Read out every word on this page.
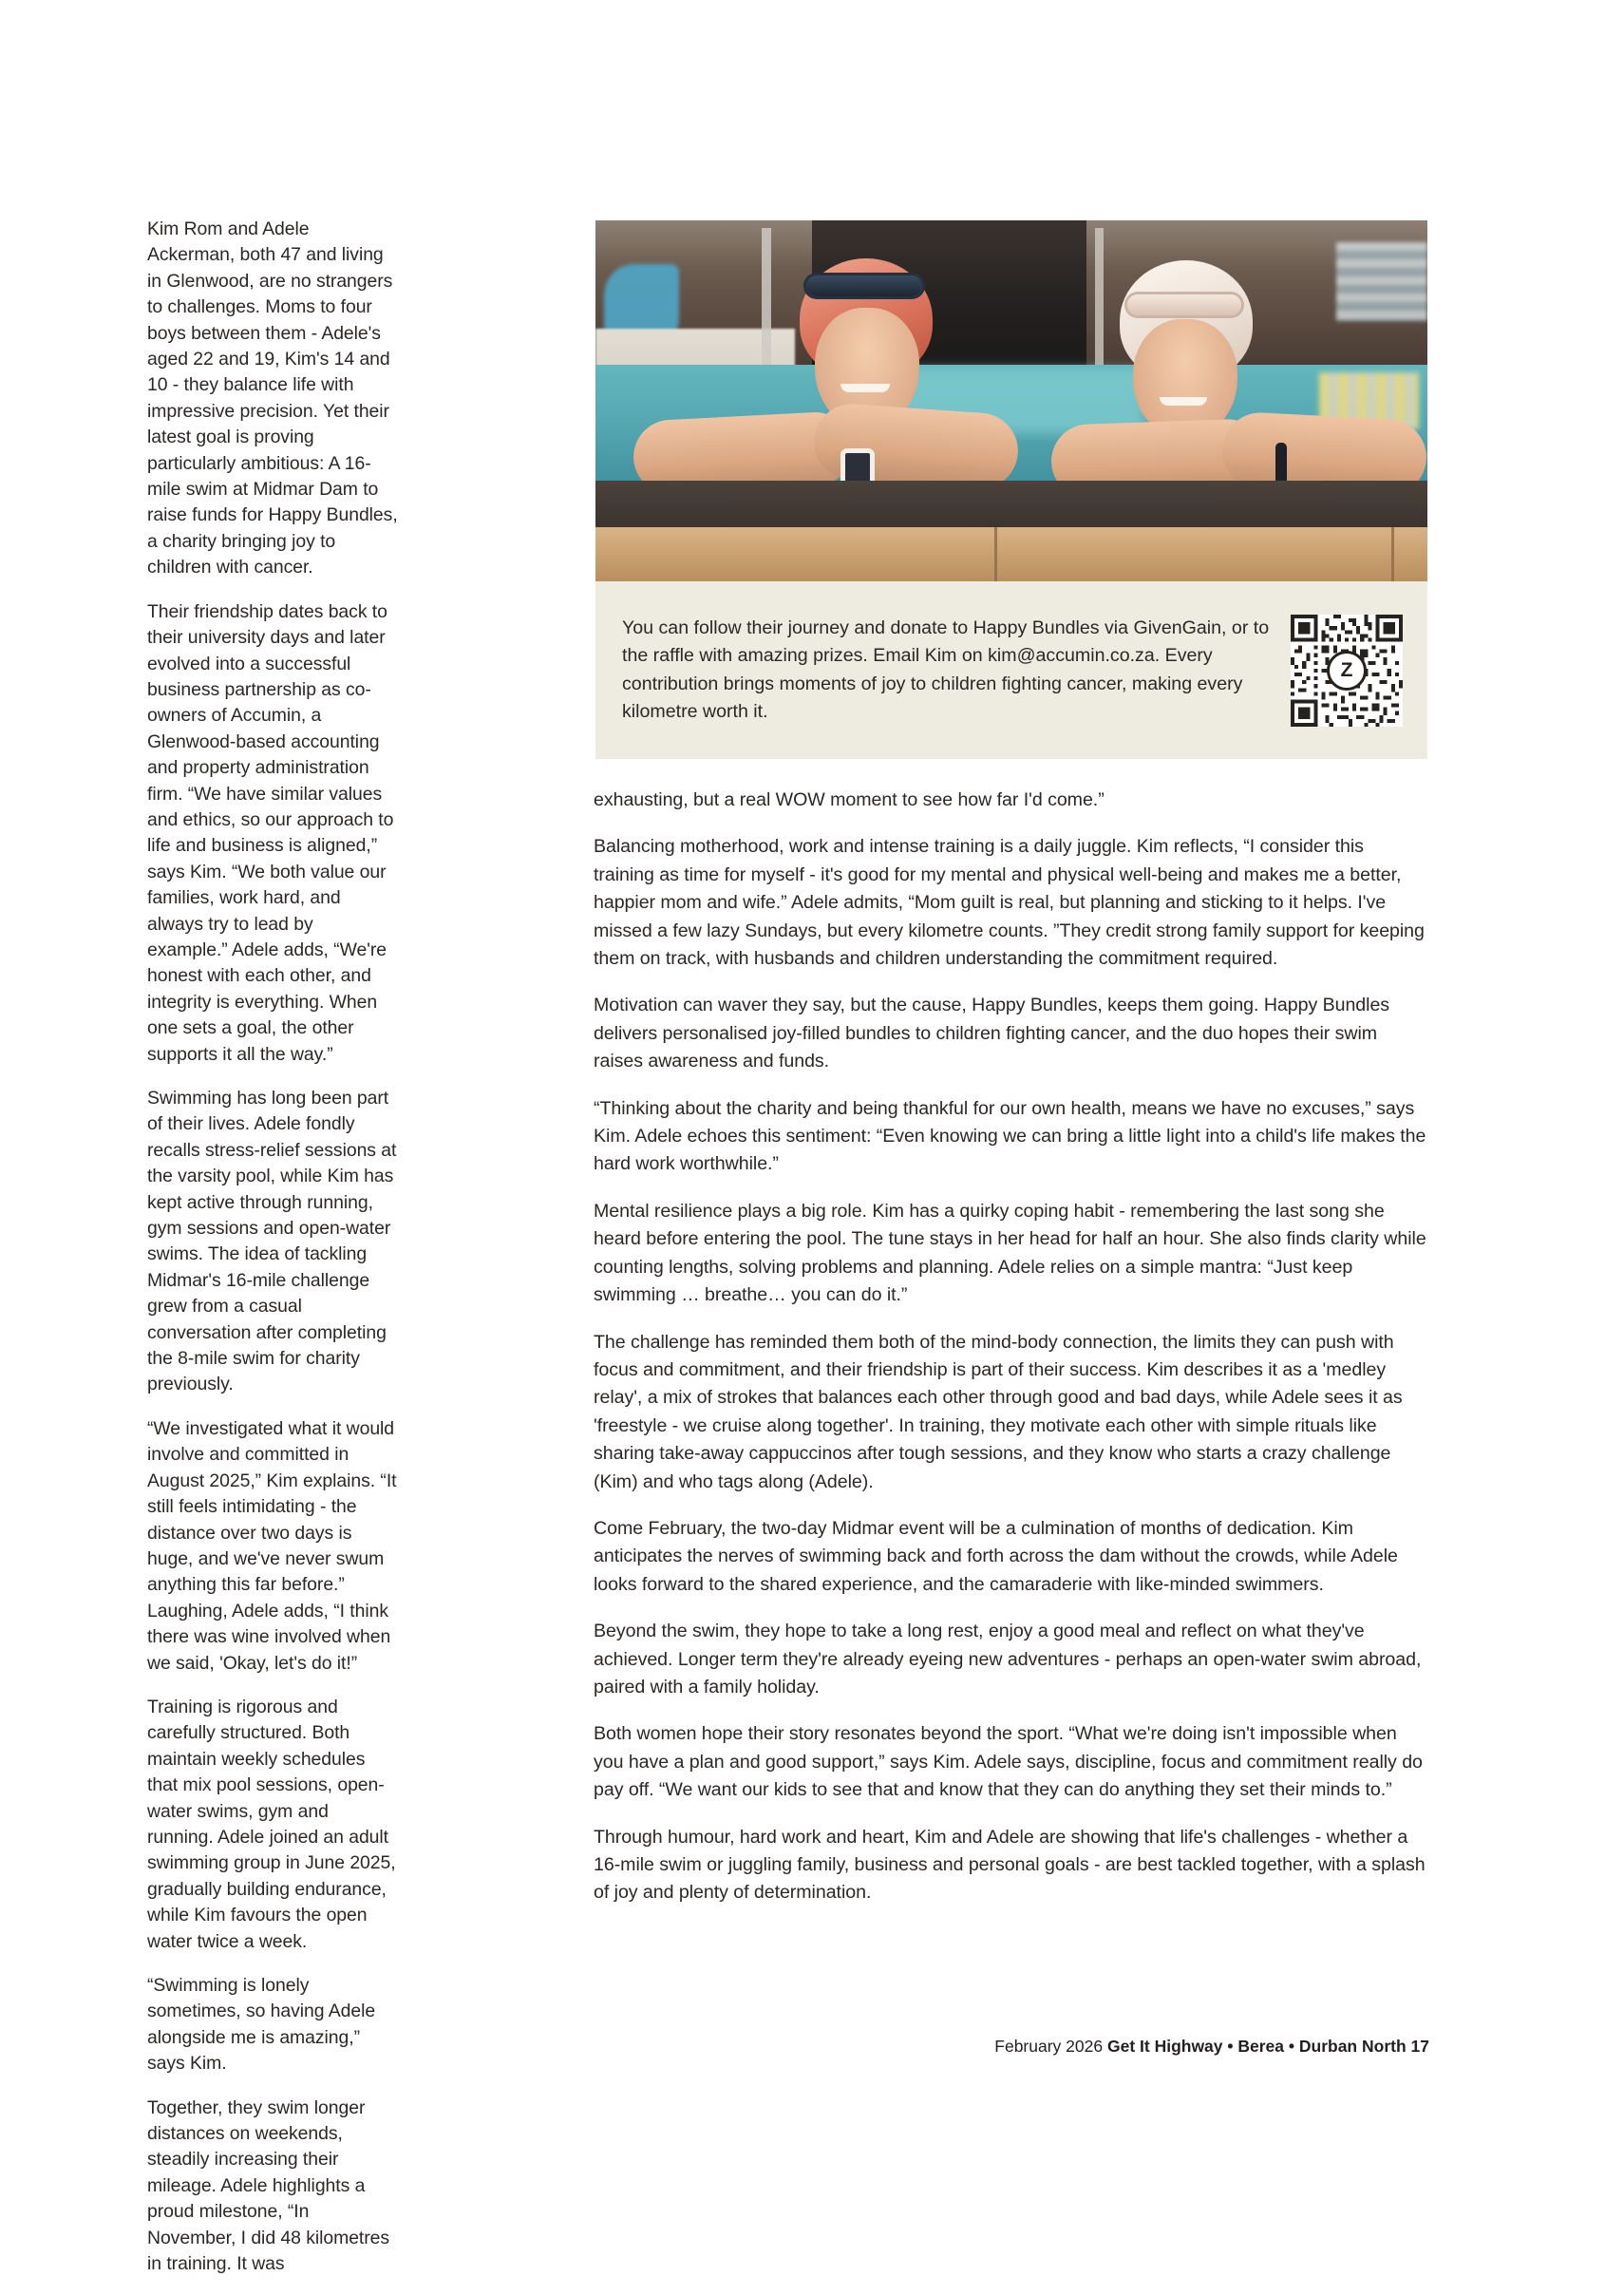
Kim Rom and Adele Ackerman, both 47 and living in Glenwood, are no strangers to challenges. Moms to four boys between them - Adele's aged 22 and 19, Kim's 14 and 10 - they balance life with impressive precision. Yet their latest goal is proving particularly ambitious: A 16-mile swim at Midmar Dam to raise funds for Happy Bundles, a charity bringing joy to children with cancer.

Their friendship dates back to their university days and later evolved into a successful business partnership as co-owners of Accumin, a Glenwood-based accounting and property administration firm. “We have similar values and ethics, so our approach to life and business is aligned,” says Kim. “We both value our families, work hard, and always try to lead by example.” Adele adds, “We're honest with each other, and integrity is everything. When one sets a goal, the other supports it all the way.”

Swimming has long been part of their lives. Adele fondly recalls stress-relief sessions at the varsity pool, while Kim has kept active through running, gym sessions and open-water swims. The idea of tackling Midmar's 16-mile challenge grew from a casual conversation after completing the 8-mile swim for charity previously.

“We investigated what it would involve and committed in August 2025,” Kim explains. “It still feels intimidating - the distance over two days is huge, and we've never swum anything this far before.” Laughing, Adele adds, “I think there was wine involved when we said, 'Okay, let's do it!”

Training is rigorous and carefully structured. Both maintain weekly schedules that mix pool sessions, open-water swims, gym and running. Adele joined an adult swimming group in June 2025, gradually building endurance, while Kim favours the open water twice a week.

“Swimming is lonely sometimes, so having Adele alongside me is amazing,” says Kim.

Together, they swim longer distances on weekends, steadily increasing their mileage. Adele highlights a proud milestone, “In November, I did 48 kilometres in training. It was

You can follow their journey and donate to Happy Bundles via GivenGain, or to the raffle with amazing prizes. Email Kim on kim@accumin.co.za. Every contribution brings moments of joy to children fighting cancer, making every kilometre worth it.
Z

exhausting, but a real WOW moment to see how far I'd come.”

Balancing motherhood, work and intense training is a daily juggle. Kim reflects, “I consider this training as time for myself - it's good for my mental and physical well-being and makes me a better, happier mom and wife.” Adele admits, “Mom guilt is real, but planning and sticking to it helps. I've missed a few lazy Sundays, but every kilometre counts. ”They credit strong family support for keeping them on track, with husbands and children understanding the commitment required.

Motivation can waver they say, but the cause, Happy Bundles, keeps them going. Happy Bundles delivers personalised joy-filled bundles to children fighting cancer, and the duo hopes their swim raises awareness and funds.

“Thinking about the charity and being thankful for our own health, means we have no excuses,” says Kim. Adele echoes this sentiment: “Even knowing we can bring a little light into a child's life makes the hard work worthwhile.”

Mental resilience plays a big role. Kim has a quirky coping habit - remembering the last song she heard before entering the pool. The tune stays in her head for half an hour. She also finds clarity while counting lengths, solving problems and planning. Adele relies on a simple mantra: “Just keep swimming … breathe… you can do it.”

The challenge has reminded them both of the mind-body connection, the limits they can push with focus and commitment, and their friendship is part of their success. Kim describes it as a 'medley relay', a mix of strokes that balances each other through good and bad days, while Adele sees it as 'freestyle - we cruise along together'. In training, they motivate each other with simple rituals like sharing take-away cappuccinos after tough sessions, and they know who starts a crazy challenge (Kim) and who tags along (Adele).

Come February, the two-day Midmar event will be a culmination of months of dedication. Kim anticipates the nerves of swimming back and forth across the dam without the crowds, while Adele looks forward to the shared experience, and the camaraderie with like-minded swimmers.

Beyond the swim, they hope to take a long rest, enjoy a good meal and reflect on what they've achieved. Longer term they're already eyeing new adventures - perhaps an open-water swim abroad, paired with a family holiday.

Both women hope their story resonates beyond the sport. “What we're doing isn't impossible when you have a plan and good support,” says Kim. Adele says, discipline, focus and commitment really do pay off. “We want our kids to see that and know that they can do anything they set their minds to.”

Through humour, hard work and heart, Kim and Adele are showing that life's challenges - whether a 16-mile swim or juggling family, business and personal goals - are best tackled together, with a splash of joy and plenty of determination.

February 2026 Get It Highway • Berea • Durban North 17
